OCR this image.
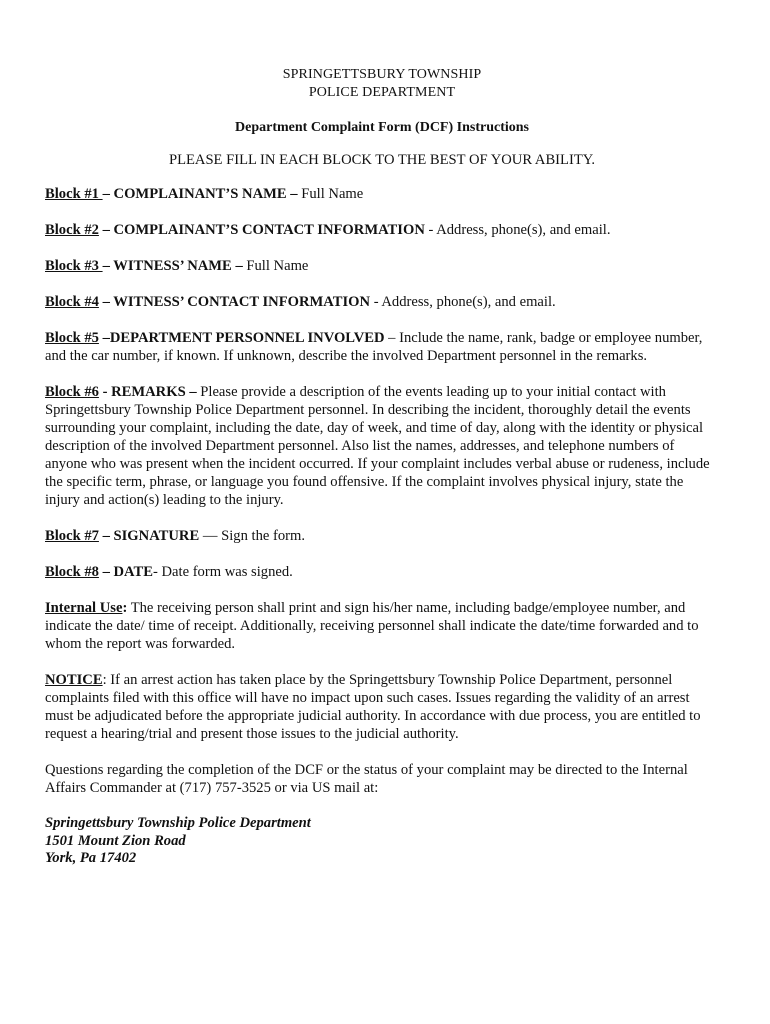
SPRINGETTSBURY TOWNSHIP
POLICE DEPARTMENT
Department Complaint Form (DCF) Instructions
PLEASE FILL IN EACH BLOCK TO THE BEST OF YOUR ABILITY.

Block #1 – COMPLAINANT’S NAME – Full Name

Block #2 – COMPLAINANT’S CONTACT INFORMATION - Address, phone(s), and email.

Block #3 – WITNESS’ NAME – Full Name

Block #4 – WITNESS’ CONTACT INFORMATION - Address, phone(s), and email.

Block #5 –DEPARTMENT PERSONNEL INVOLVED – Include the name, rank, badge or employee number, and the car number, if known. If unknown, describe the involved Department personnel in the remarks.

Block #6 - REMARKS – Please provide a description of the events leading up to your initial contact with Springettsbury Township Police Department personnel. In describing the incident, thoroughly detail the events surrounding your complaint, including the date, day of week, and time of day, along with the identity or physical description of the involved Department personnel. Also list the names, addresses, and telephone numbers of anyone who was present when the incident occurred. If your complaint includes verbal abuse or rudeness, include the specific term, phrase, or language you found offensive. If the complaint involves physical injury, state the injury and action(s) leading to the injury.

Block #7 – SIGNATURE — Sign the form.

Block #8 – DATE- Date form was signed.

Internal Use: The receiving person shall print and sign his/her name, including badge/employee number, and indicate the date/ time of receipt. Additionally, receiving personnel shall indicate the date/time forwarded and to whom the report was forwarded.

NOTICE: If an arrest action has taken place by the Springettsbury Township Police Department, personnel complaints filed with this office will have no impact upon such cases. Issues regarding the validity of an arrest must be adjudicated before the appropriate judicial authority. In accordance with due process, you are entitled to request a hearing/trial and present those issues to the judicial authority.

Questions regarding the completion of the DCF or the status of your complaint may be directed to the Internal Affairs Commander at (717) 757-3525 or via US mail at:

Springettsbury Township Police Department
1501 Mount Zion Road
York, Pa 17402
